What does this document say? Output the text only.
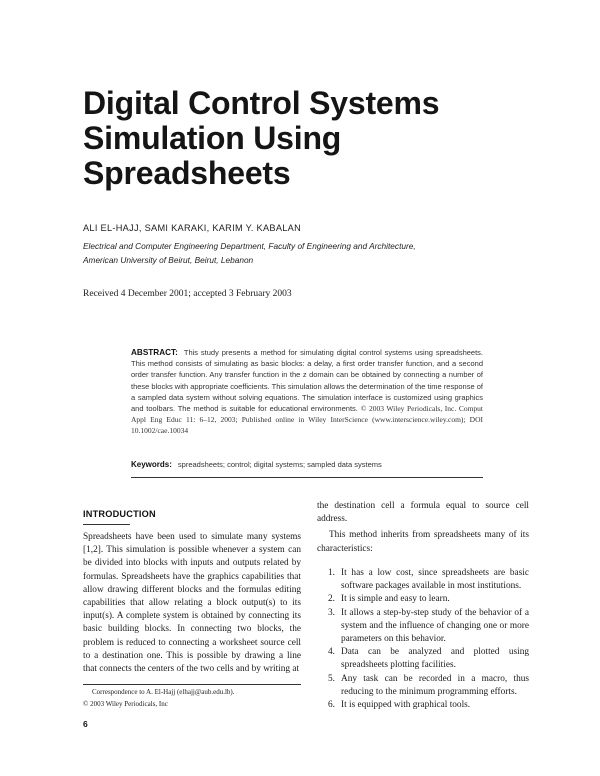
Digital Control Systems
Simulation Using
Spreadsheets
ALI EL-HAJJ, SAMI KARAKI, KARIM Y. KABALAN
Electrical and Computer Engineering Department, Faculty of Engineering and Architecture,
American University of Beirut, Beirut, Lebanon
Received 4 December 2001; accepted 3 February 2003
ABSTRACT: This study presents a method for simulating digital control systems using spreadsheets. This method consists of simulating as basic blocks: a delay, a first order transfer function, and a second order transfer function. Any transfer function in the z domain can be obtained by connecting a number of these blocks with appropriate coefficients. This simulation allows the determination of the time response of a sampled data system without solving equations. The simulation interface is customized using graphics and toolbars. The method is suitable for educational environments. © 2003 Wiley Periodicals, Inc. Comput Appl Eng Educ 11: 6–12, 2003; Published online in Wiley InterScience (www.interscience.wiley.com); DOI 10.1002/cae.10034
Keywords: spreadsheets; control; digital systems; sampled data systems
INTRODUCTION

Spreadsheets have been used to simulate many systems [1,2]. This simulation is possible whenever a system can be divided into blocks with inputs and outputs related by formulas. Spreadsheets have the graphics capabilities that allow drawing different blocks and the formulas editing capabilities that allow relating a block output(s) to its input(s). A complete system is obtained by connecting its basic building blocks. In connecting two blocks, the problem is reduced to connecting a worksheet source cell to a destination one. This is possible by drawing a line that connects the centers of the two cells and by writing at

the destination cell a formula equal to source cell address.

This method inherits from spreadsheets many of its characteristics:

1. It has a low cost, since spreadsheets are basic software packages available in most institutions.
2. It is simple and easy to learn.
3. It allows a step-by-step study of the behavior of a system and the influence of changing one or more parameters on this behavior.
4. Data can be analyzed and plotted using spreadsheets plotting facilities.
5. Any task can be recorded in a macro, thus reducing to the minimum programming efforts.
6. It is equipped with graphical tools.
Correspondence to A. El-Hajj (elhajj@aub.edu.lb).
© 2003 Wiley Periodicals, Inc
6
